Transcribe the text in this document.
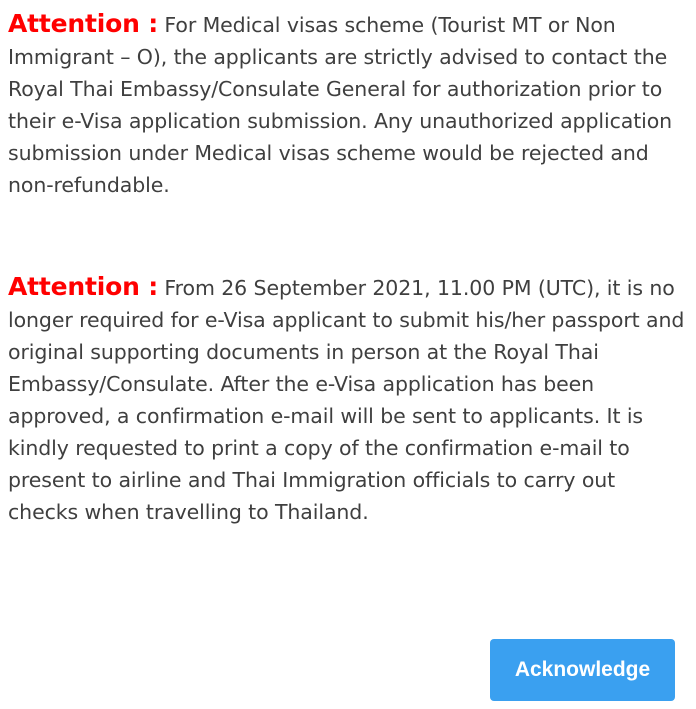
Attention : For Medical visas scheme (Tourist MT or Non Immigrant – O), the applicants are strictly advised to contact the Royal Thai Embassy/Consulate General for authorization prior to their e-Visa application submission. Any unauthorized application submission under Medical visas scheme would be rejected and non-refundable.

Attention : From 26 September 2021, 11.00 PM (UTC), it is no longer required for e-Visa applicant to submit his/her passport and original supporting documents in person at the Royal Thai Embassy/Consulate. After the e-Visa application has been approved, a confirmation e-mail will be sent to applicants. It is kindly requested to print a copy of the confirmation e-mail to present to airline and Thai Immigration officials to carry out checks when travelling to Thailand.

Acknowledge
